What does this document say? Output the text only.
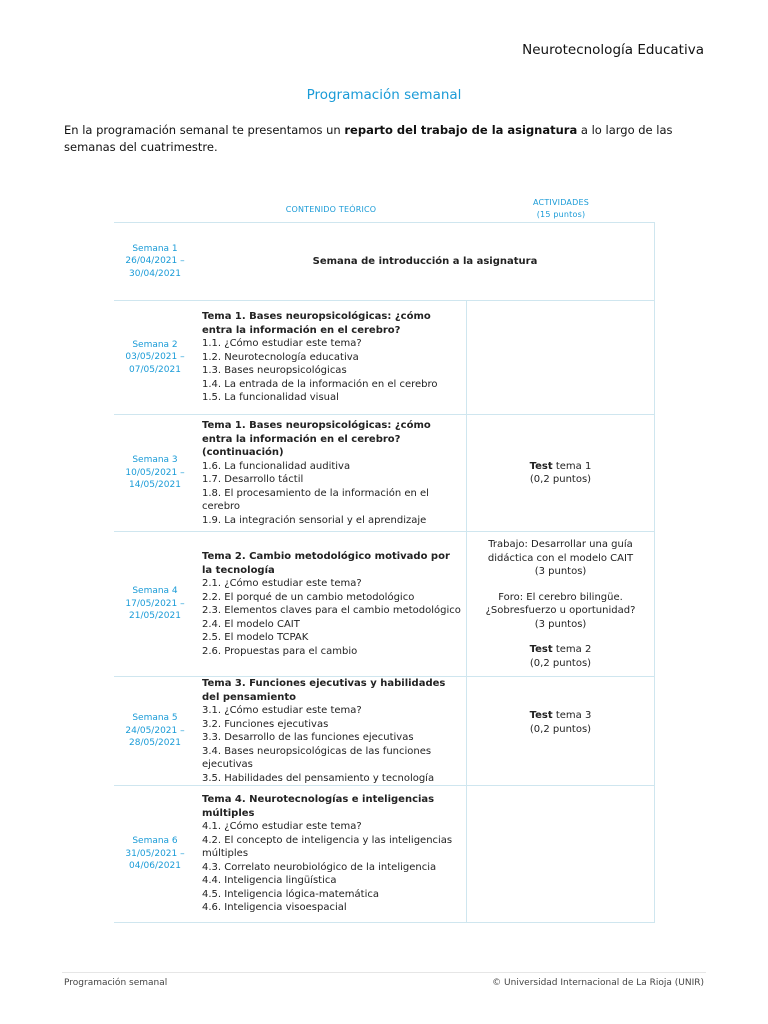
Neurotecnología Educativa
Programación semanal
En la programación semanal te presentamos un reparto del trabajo de la asignatura a lo largo de las semanas del cuatrimestre.
CONTENIDO TEÓRICO
ACTIVIDADES
(15 puntos)
Semana 1
26/04/2021 –
30/04/2021
Semana de introducción a la asignatura
Semana 2
03/05/2021 –
07/05/2021
Tema 1. Bases neuropsicológicas: ¿cómo entra la información en el cerebro?
1.1. ¿Cómo estudiar este tema?
1.2. Neurotecnología educativa
1.3. Bases neuropsicológicas
1.4. La entrada de la información en el cerebro
1.5. La funcionalidad visual
Semana 3
10/05/2021 –
14/05/2021
Tema 1. Bases neuropsicológicas: ¿cómo entra la información en el cerebro? (continuación)
1.6. La funcionalidad auditiva
1.7. Desarrollo táctil
1.8. El procesamiento de la información en el cerebro
1.9. La integración sensorial y el aprendizaje
Test tema 1
(0,2 puntos)
Semana 4
17/05/2021 –
21/05/2021
Tema 2. Cambio metodológico motivado por la tecnología
2.1. ¿Cómo estudiar este tema?
2.2. El porqué de un cambio metodológico
2.3. Elementos claves para el cambio metodológico
2.4. El modelo CAIT
2.5. El modelo TCPAK
2.6. Propuestas para el cambio
Trabajo: Desarrollar una guía didáctica con el modelo CAIT
(3 puntos)
Foro: El cerebro bilingüe. ¿Sobresfuerzo u oportunidad?
(3 puntos)
Test tema 2
(0,2 puntos)
Semana 5
24/05/2021 –
28/05/2021
Tema 3. Funciones ejecutivas y habilidades del pensamiento
3.1. ¿Cómo estudiar este tema?
3.2. Funciones ejecutivas
3.3. Desarrollo de las funciones ejecutivas
3.4. Bases neuropsicológicas de las funciones ejecutivas
3.5. Habilidades del pensamiento y tecnología
Test tema 3
(0,2 puntos)
Semana 6
31/05/2021 –
04/06/2021
Tema 4. Neurotecnologías e inteligencias múltiples
4.1. ¿Cómo estudiar este tema?
4.2. El concepto de inteligencia y las inteligencias múltiples
4.3. Correlato neurobiológico de la inteligencia
4.4. Inteligencia lingüística
4.5. Inteligencia lógica-matemática
4.6. Inteligencia visoespacial
Programación semanal	© Universidad Internacional de La Rioja (UNIR)
